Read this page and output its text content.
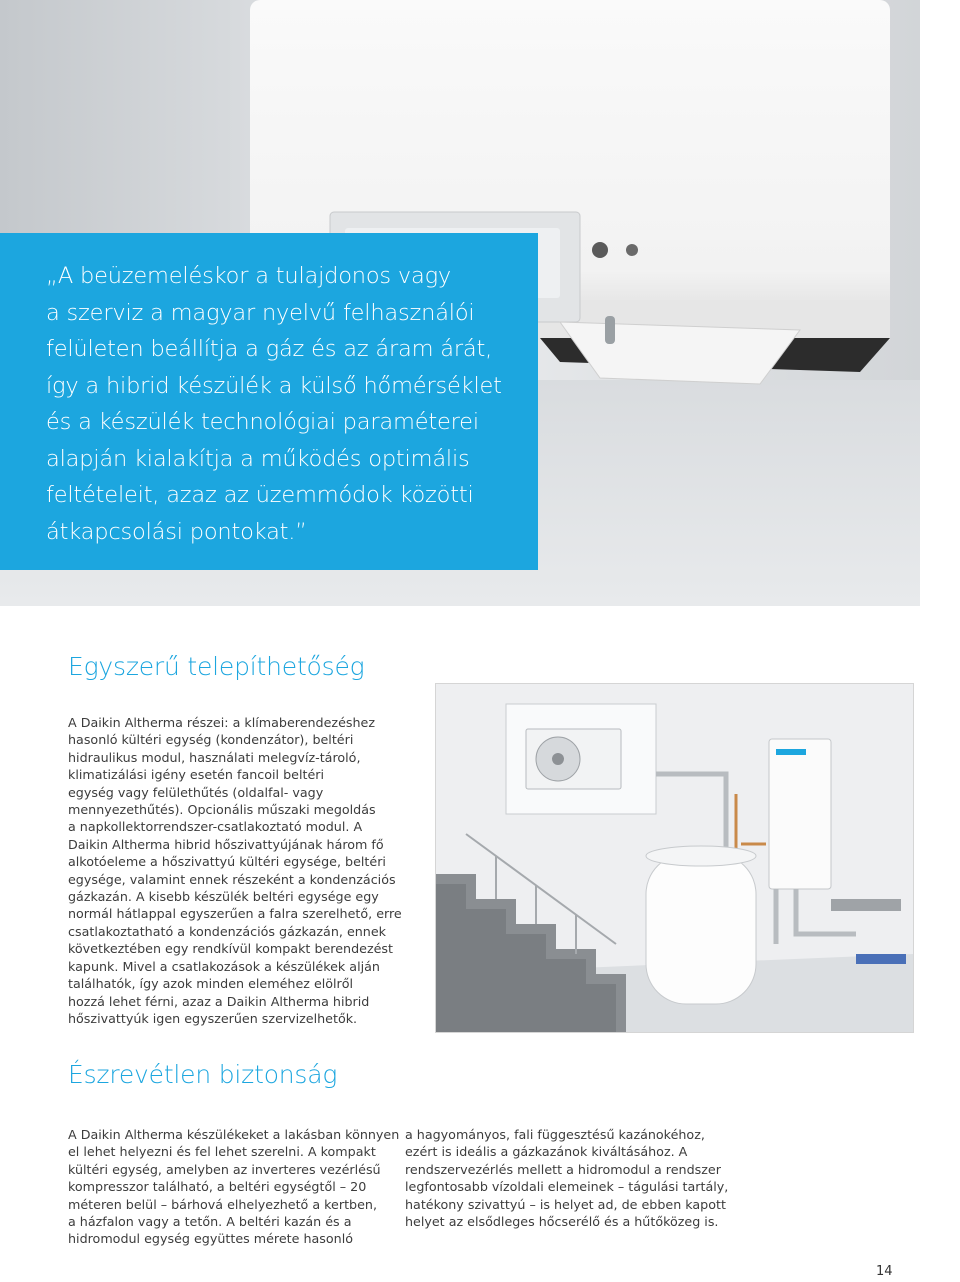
„A beüzemeléskor a tulajdonos vagy
a szerviz a magyar nyelvű felhasználói
felületen beállítja a gáz és az áram árát,
így a hibrid készülék a külső hőmérséklet
és a készülék technológiai paraméterei
alapján kialakítja a működés optimális
feltételeit, azaz az üzemmódok közötti
átkapcsolási pontokat.”
Egyszerű telepíthetőség
A Daikin Altherma részei: a klímaberendezéshez
hasonló kültéri egység (kondenzátor), beltéri
hidraulikus modul, használati melegvíz-tároló,
klimatizálási igény esetén fancoil beltéri
egység vagy felülethűtés (oldalfal- vagy
mennyezethűtés). Opcionális műszaki megoldás
a napkollektorrendszer-csatlakoztató modul. A
Daikin Altherma hibrid hőszivattyújának három fő
alkotóeleme a hőszivattyú kültéri egysége, beltéri
egysége, valamint ennek részeként a kondenzációs
gázkazán. A kisebb készülék beltéri egysége egy
normál hátlappal egyszerűen a falra szerelhető, erre
csatlakoztatható a kondenzációs gázkazán, ennek
következtében egy rendkívül kompakt berendezést
kapunk. Mivel a csatlakozások a készülékek alján
találhatók, így azok minden eleméhez elölről
hozzá lehet férni, azaz a Daikin Altherma hibrid
hőszivattyúk igen egyszerűen szervizelhetők.
Észrevétlen biztonság
A Daikin Altherma készülékeket a lakásban könnyen
el lehet helyezni és fel lehet szerelni. A kompakt
kültéri egység, amelyben az inverteres vezérlésű
kompresszor található, a beltéri egységtől – 20
méteren belül – bárhová elhelyezhető a kertben,
a házfalon vagy a tetőn. A beltéri kazán és a
hidromodul egység együttes mérete hasonló
a hagyományos, fali függesztésű kazánokéhoz,
ezért is ideális a gázkazánok kiváltásához. A
rendszervezérlés mellett a hidromodul a rendszer
legfontosabb vízoldali elemeinek – tágulási tartály,
hatékony szivattyú – is helyet ad, de ebben kapott
helyet az elsődleges hőcserélő és a hűtőközeg is.
14
